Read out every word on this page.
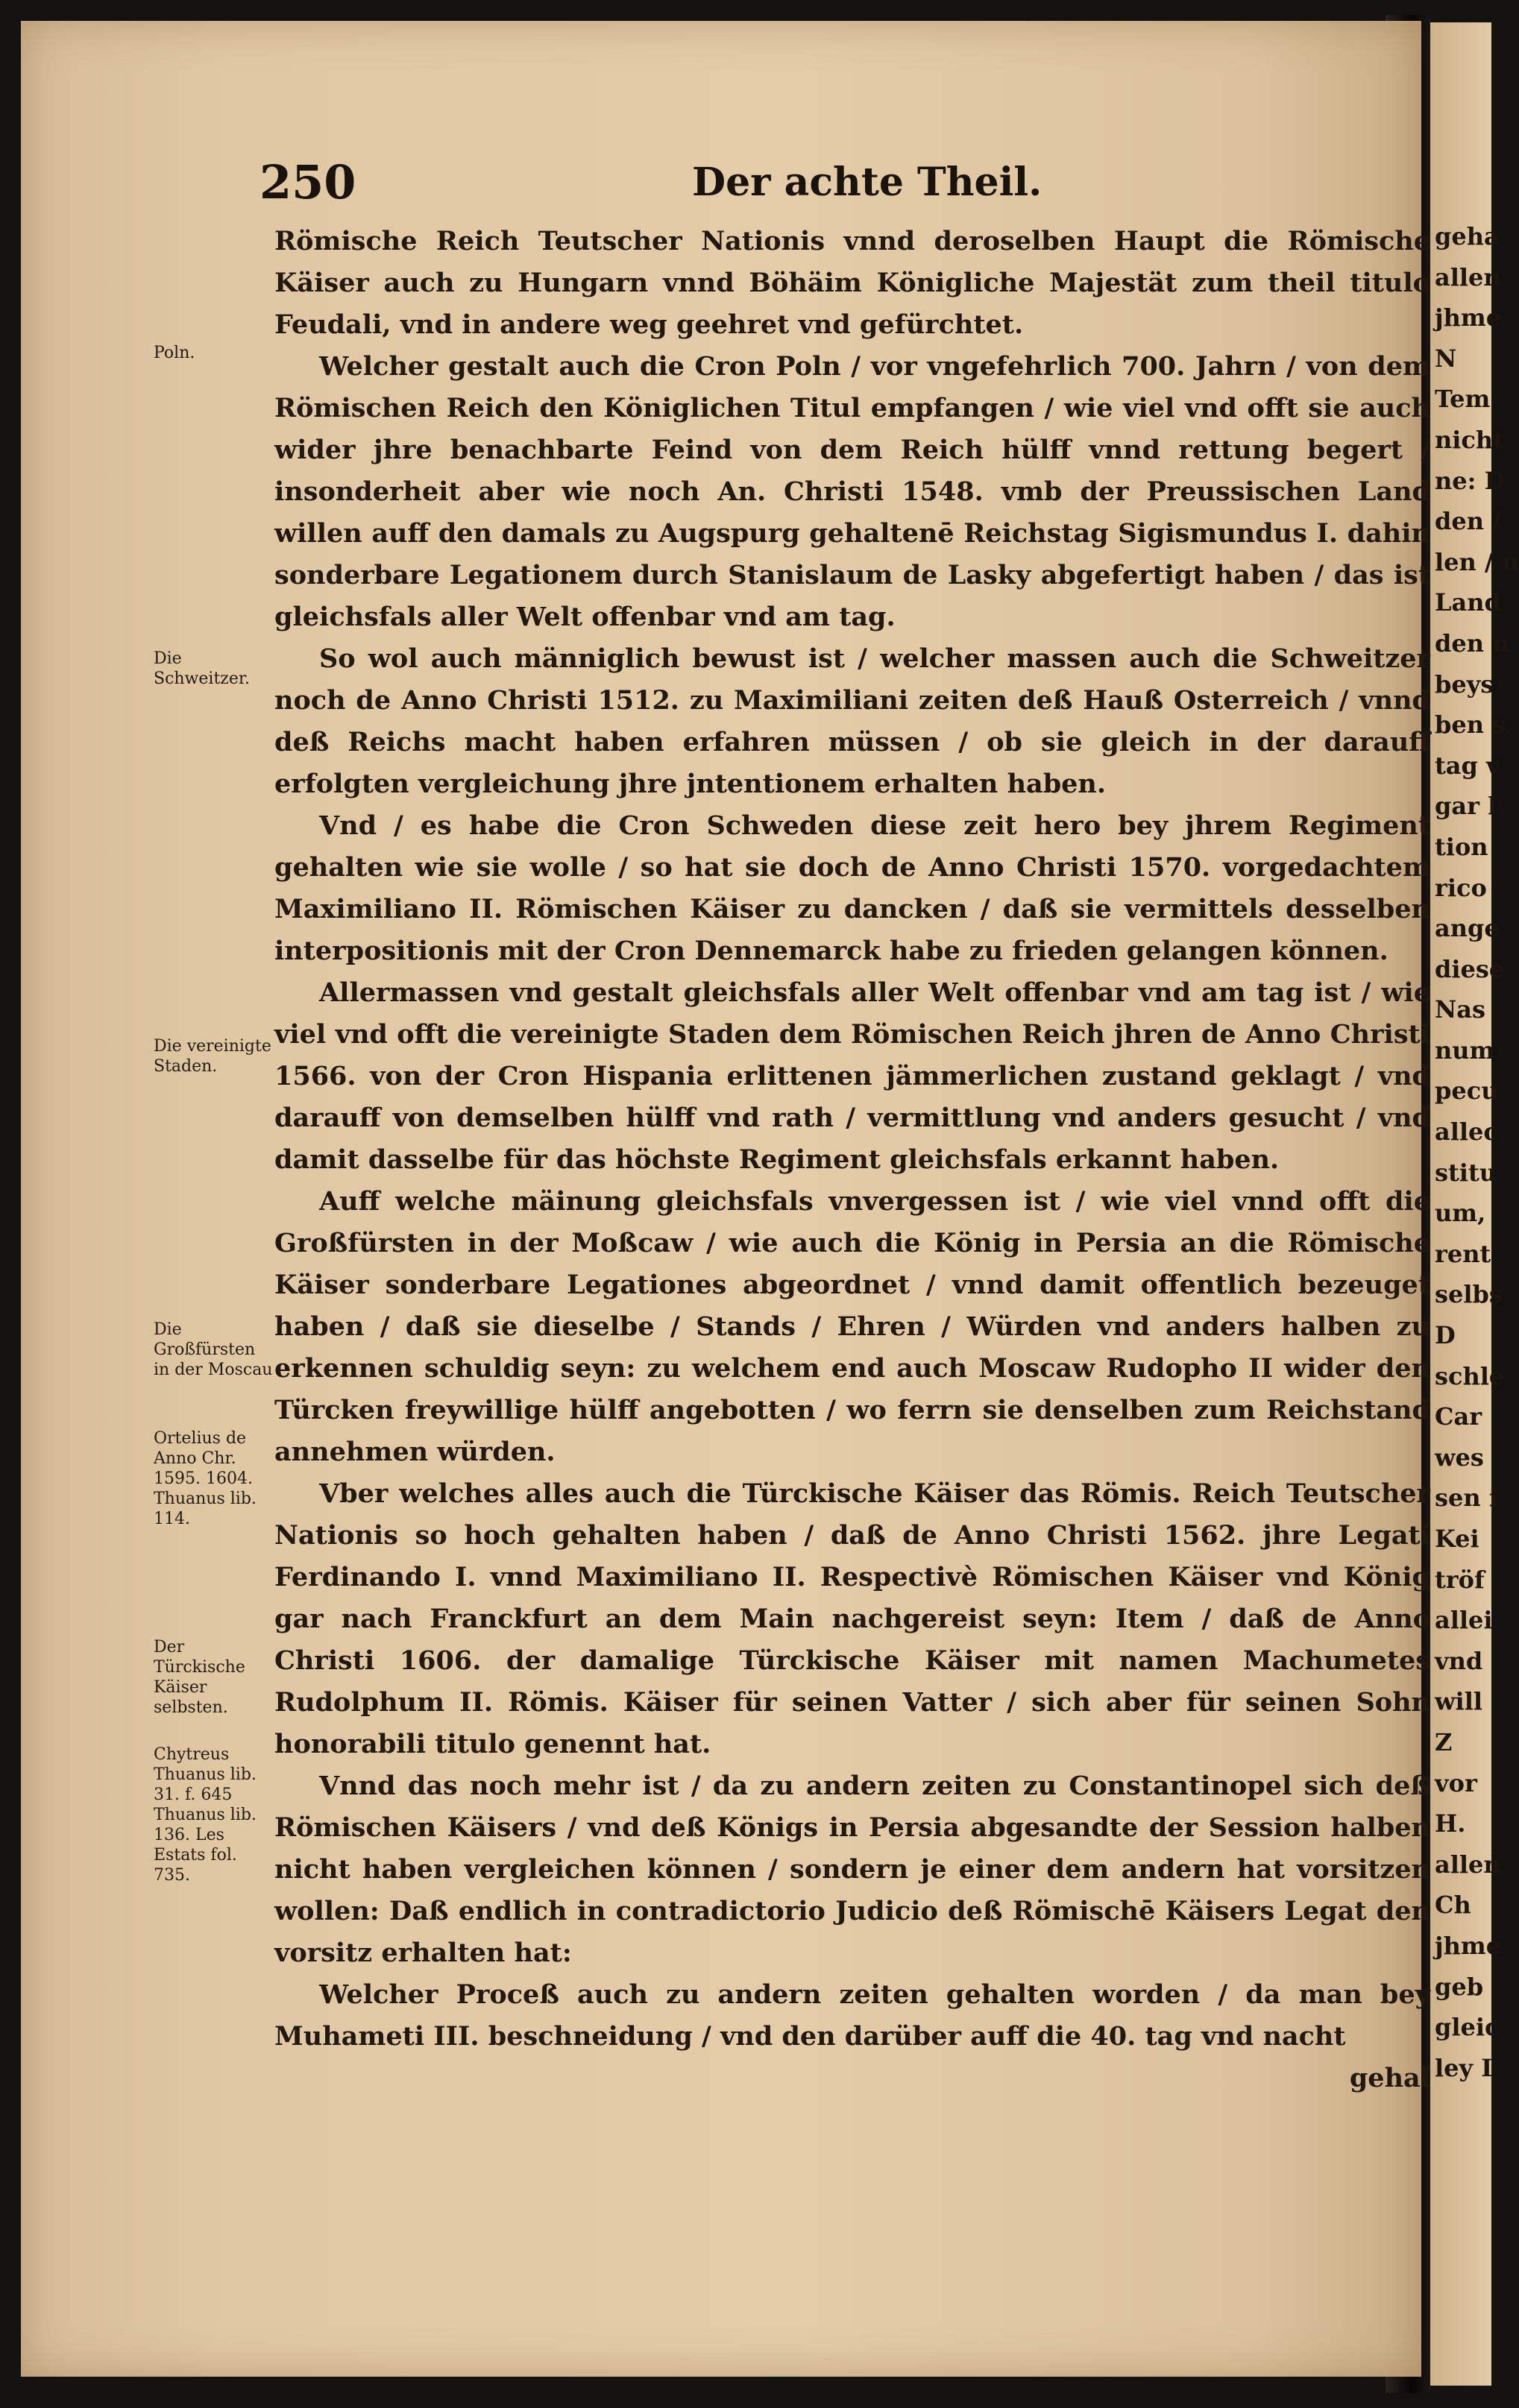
geha
allen
jhme
N
Tem
nicht
ne: D
den /
len / n
Land
den n
beys
ben s
tag v
gar l
tion
rico
ange
diese
Nas
num
pecu
allec
stitu
um,
rent
selbs
D
schle
Car
wes
sen i
Kei
tröf
allei
vnd
will
Z
vor
H.
allen
Ch
jhme
geb
gleic
ley I
250	Der achte Theil.
Poln.
Die Schweitzer.
Die vereinigte Staden.
Die Großfürsten in der Moscau
Ortelius de Anno Chr. 1595. 1604. Thuanus lib. 114.
Der Türckische Käiser selbsten.
Chytreus Thuanus lib. 31. f. 645 Thuanus lib. 136. Les Estats fol. 735.

Römische Reich Teutscher Nationis vnnd deroselben Haupt die Römische Käiser auch zu Hungarn vnnd Böhäim Königliche Majestät zum theil titulo Feudali, vnd in andere weg geehret vnd gefürchtet.

Welcher gestalt auch die Cron Poln / vor vngefehrlich 700. Jahrn / von dem Römischen Reich den Königlichen Titul empfangen / wie viel vnd offt sie auch wider jhre benachbarte Feind von dem Reich hülff vnnd rettung begert / insonderheit aber wie noch An. Christi 1548. vmb der Preussischen Land willen auff den damals zu Augspurg gehaltenē Reichstag Sigismundus I. dahin sonderbare Legationem durch Stanislaum de Lasky abgefertigt haben / das ist gleichsfals aller Welt offenbar vnd am tag.

So wol auch männiglich bewust ist / welcher massen auch die Schweitzer noch de Anno Christi 1512. zu Maximiliani zeiten deß Hauß Osterreich / vnnd deß Reichs macht haben erfahren müssen / ob sie gleich in der darauff erfolgten vergleichung jhre jntentionem erhalten haben.

Vnd / es habe die Cron Schweden diese zeit hero bey jhrem Regiment gehalten wie sie wolle / so hat sie doch de Anno Christi 1570. vorgedachtem Maximiliano II. Römischen Käiser zu dancken / daß sie vermittels desselben interpositionis mit der Cron Dennemarck habe zu frieden gelangen können.

Allermassen vnd gestalt gleichsfals aller Welt offenbar vnd am tag ist / wie viel vnd offt die vereinigte Staden dem Römischen Reich jhren de Anno Christi 1566. von der Cron Hispania erlittenen jämmerlichen zustand geklagt / vnd darauff von demselben hülff vnd rath / vermittlung vnd anders gesucht / vnd damit dasselbe für das höchste Regiment gleichsfals erkannt haben.

Auff welche mäinung gleichsfals vnvergessen ist / wie viel vnnd offt die Großfürsten in der Moßcaw / wie auch die König in Persia an die Römische Käiser sonderbare Legationes abgeordnet / vnnd damit offentlich bezeuget haben / daß sie dieselbe / Stands / Ehren / Würden vnd anders halben zu erkennen schuldig seyn: zu welchem end auch Moscaw Rudopho II wider den Türcken freywillige hülff angebotten / wo ferrn sie denselben zum Reichstand annehmen würden.

Vber welches alles auch die Türckische Käiser das Römis. Reich Teutscher Nationis so hoch gehalten haben / daß de Anno Christi 1562. jhre Legati Ferdinando I. vnnd Maximiliano II. Respectivè Römischen Käiser vnd König gar nach Franckfurt an dem Main nachgereist seyn: Item / daß de Anno Christi 1606. der damalige Türckische Käiser mit namen Machumetes Rudolphum II. Römis. Käiser für seinen Vatter / sich aber für seinen Sohn honorabili titulo genennt hat.

Vnnd das noch mehr ist / da zu andern zeiten zu Constantinopel sich deß Römischen Käisers / vnd deß Königs in Persia abgesandte der Session halben nicht haben vergleichen können / sondern je einer dem andern hat vorsitzen wollen: Daß endlich in contradictorio Judicio deß Römischē Käisers Legat den vorsitz erhalten hat:

Welcher Proceß auch zu andern zeiten gehalten worden / da man bey Muhameti III. beschneidung / vnd den darüber auff die 40. tag vnd nacht

gehal
